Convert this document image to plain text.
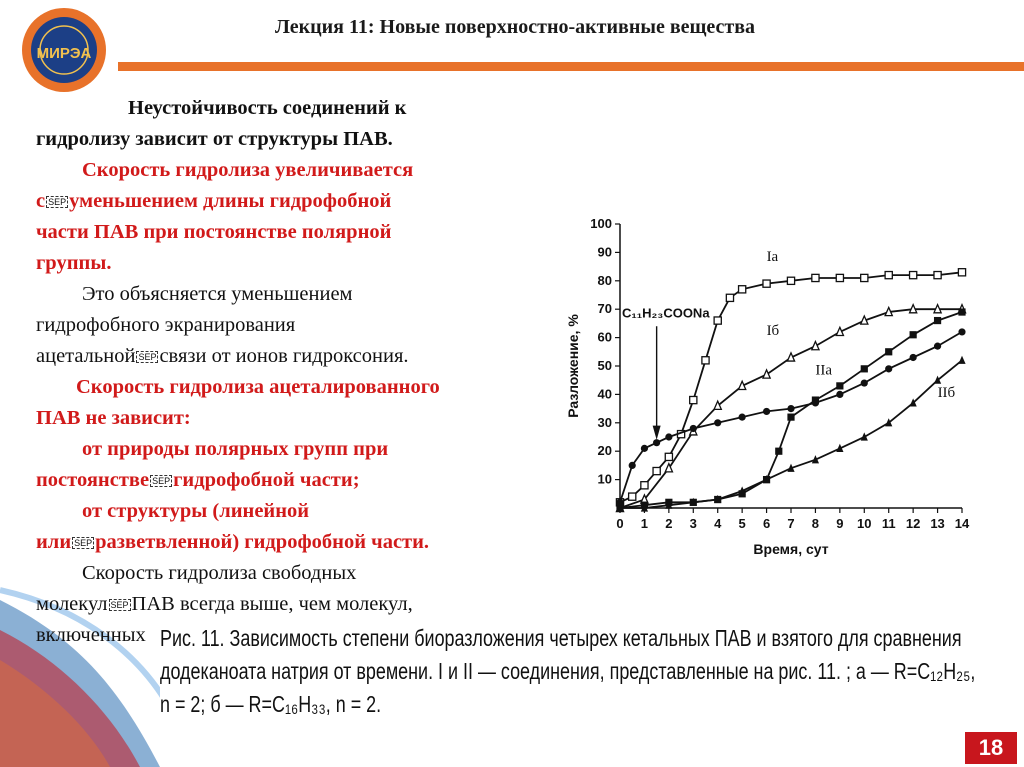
МИРЭА
Лекция 11: Новые поверхностно-активные вещества

Неустойчивость соединений к

гидролизу зависит от структуры ПАВ.

Скорость гидролиза увеличивается

с SEP уменьшением длины гидрофобной

части ПАВ при постоянстве полярной

группы.

Это объясняется уменьшением

гидрофобного экранирования

ацетальной SEP связи от ионов гидроксония.

Скорость гидролиза ацеталированного

ПАВ не зависит:

от природы полярных групп при

постоянстве SEP гидрофобной части;

от структуры (линейной

или SEP разветвленной) гидрофобной части.

Скорость гидролиза свободных

молекул SEP ПАВ всегда выше, чем молекул,

включенных

0 1 2 3 4 5 6 7 8 9 10 11 12 13 14
10
20
30
40
50
60
70
80
90
100
Время, сут
Разложение, %
Ia
Iб
IIа
IIб
C₁₁H₂₃COONa
Рис. 11. Зависимость степени биоразложения четырех кетальных ПАВ и взятого для сравнения
додеканоата натрия от времени. I и II — соединения, представленные на рис. 11. ; а — R=C₁₂H₂₅,
n = 2; б — R=C₁₆H₃₃, n = 2.
18
